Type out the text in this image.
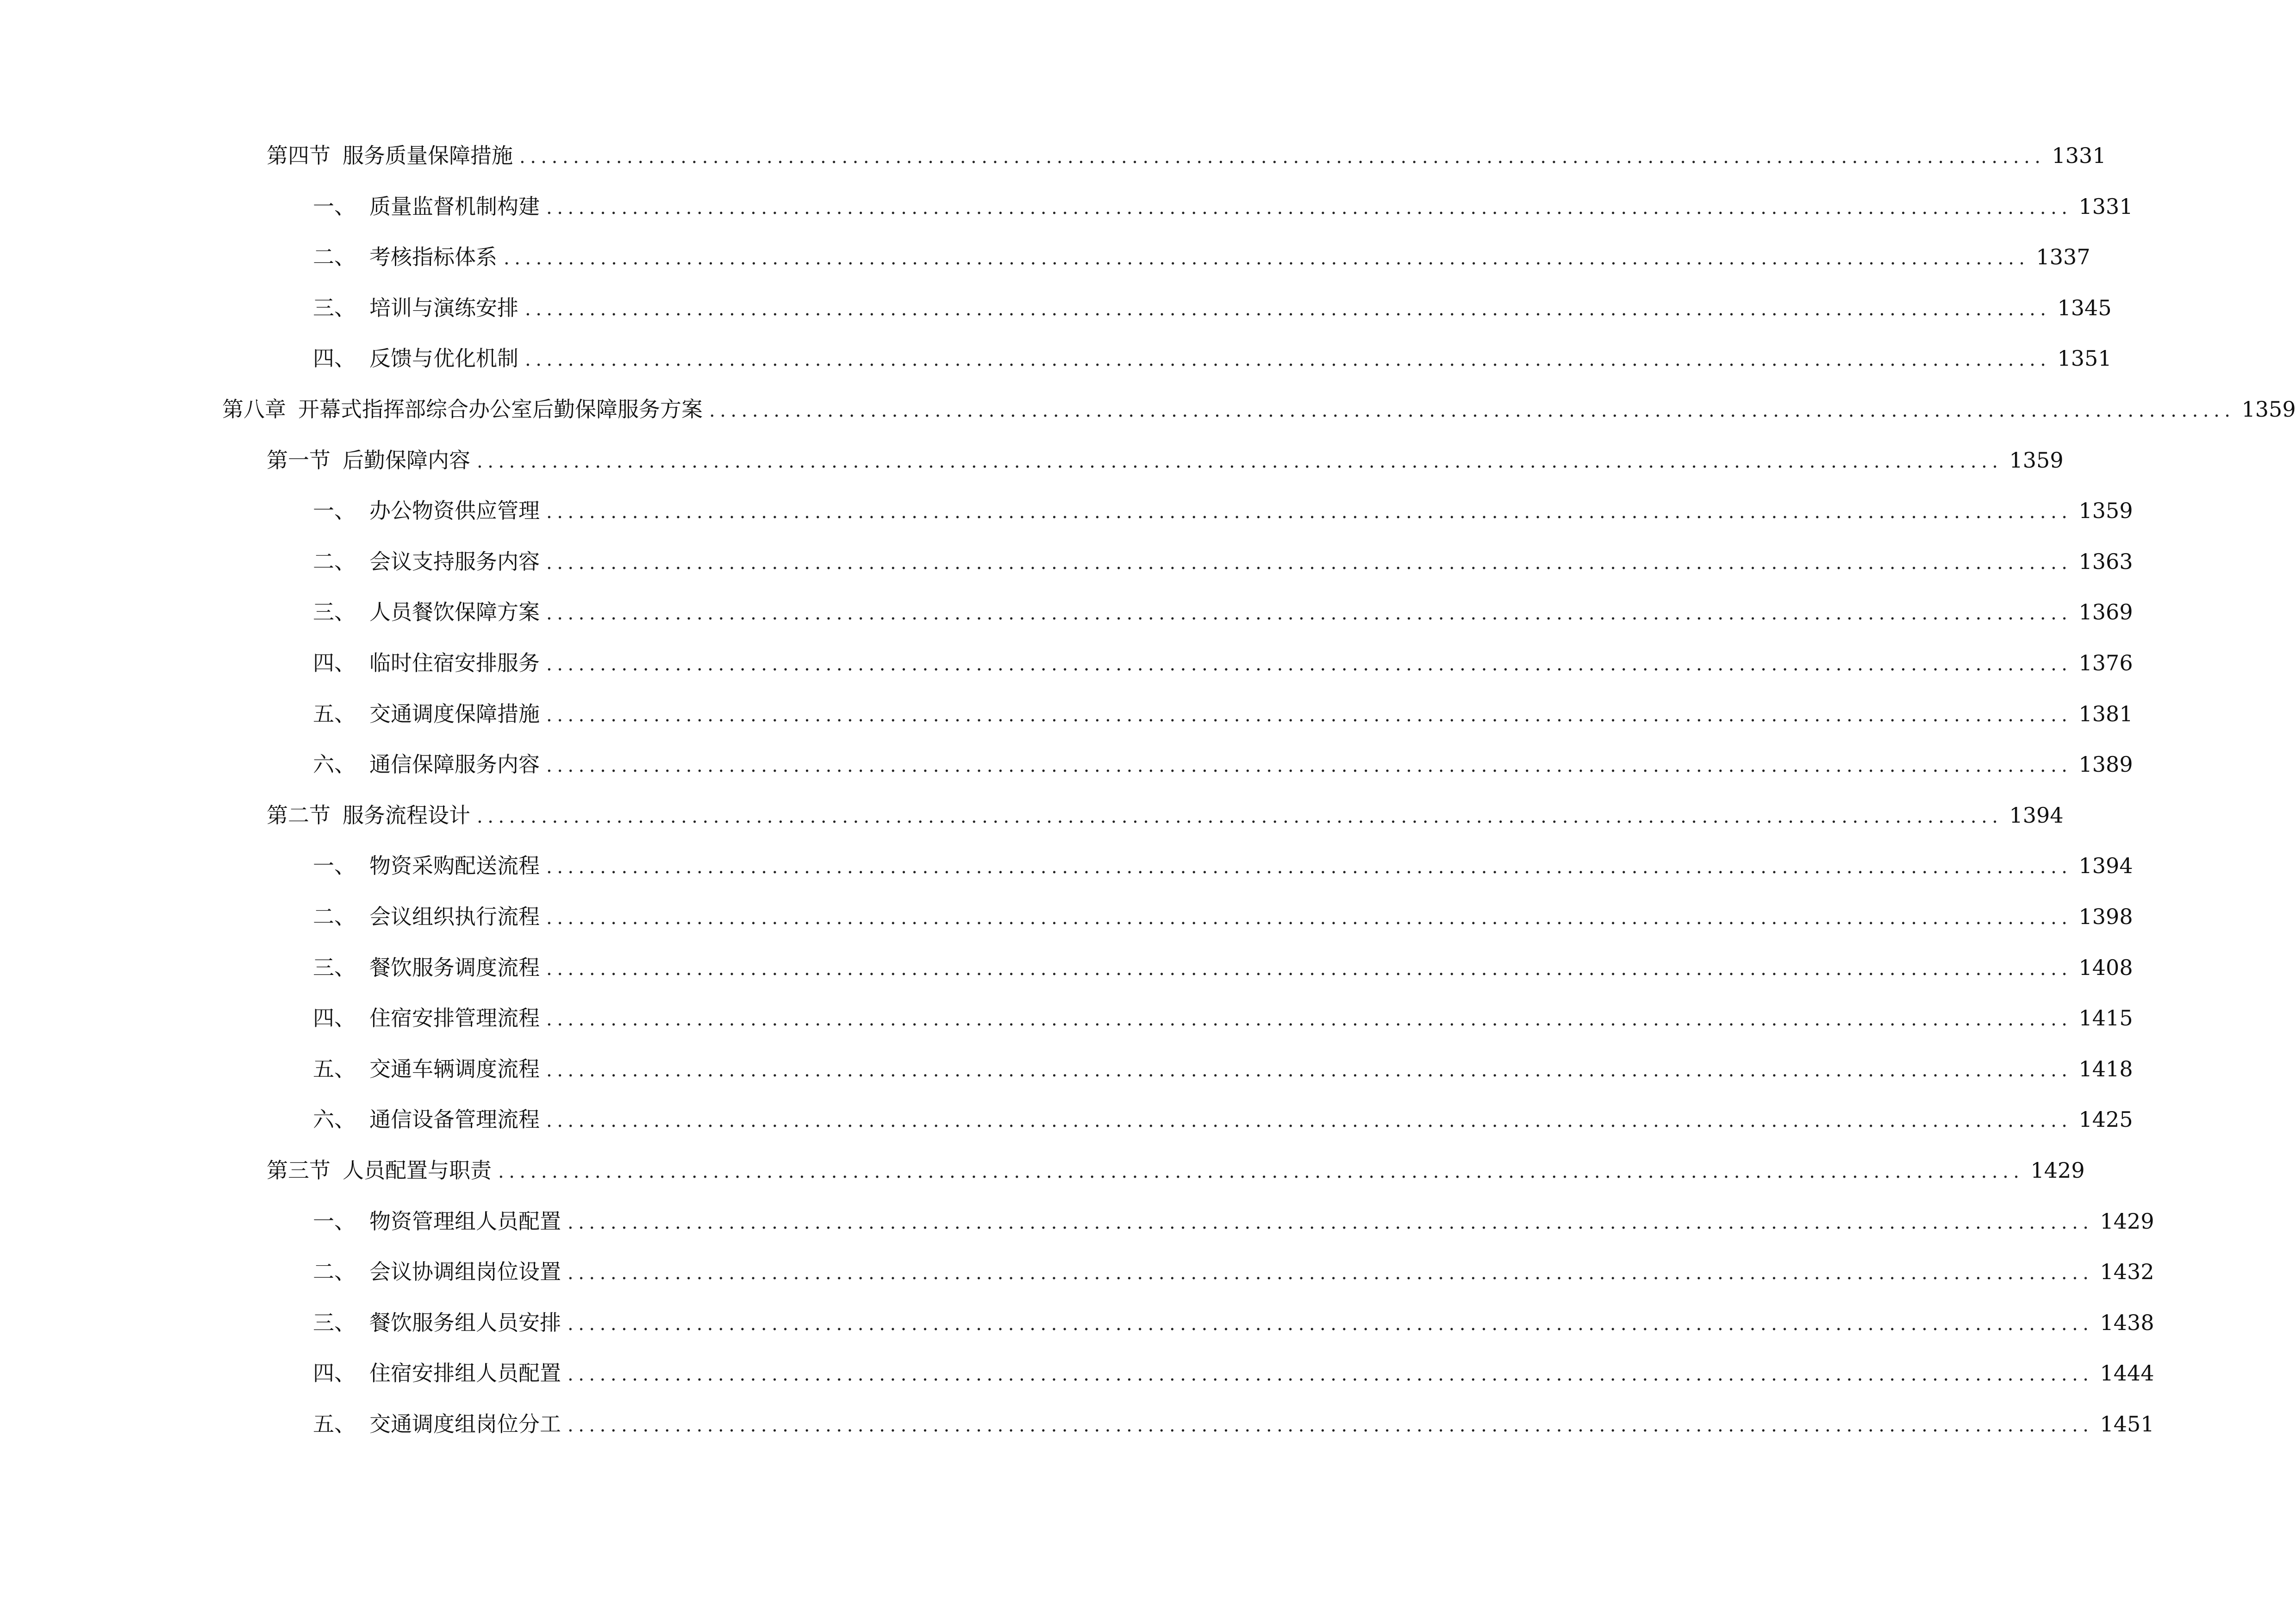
第四节 服务质量保障措施 .............................................................................................................................................. 1331
一、 质量监督机制构建 .............................................................................................................................................. 1331
二、 考核指标体系 .............................................................................................................................................. 1337
三、 培训与演练安排 .............................................................................................................................................. 1345
四、 反馈与优化机制 .............................................................................................................................................. 1351
第八章 开幕式指挥部综合办公室后勤保障服务方案 .............................................................................................................................................. 1359
第一节 后勤保障内容 .............................................................................................................................................. 1359
一、 办公物资供应管理 .............................................................................................................................................. 1359
二、 会议支持服务内容 .............................................................................................................................................. 1363
三、 人员餐饮保障方案 .............................................................................................................................................. 1369
四、 临时住宿安排服务 .............................................................................................................................................. 1376
五、 交通调度保障措施 .............................................................................................................................................. 1381
六、 通信保障服务内容 .............................................................................................................................................. 1389
第二节 服务流程设计 .............................................................................................................................................. 1394
一、 物资采购配送流程 .............................................................................................................................................. 1394
二、 会议组织执行流程 .............................................................................................................................................. 1398
三、 餐饮服务调度流程 .............................................................................................................................................. 1408
四、 住宿安排管理流程 .............................................................................................................................................. 1415
五、 交通车辆调度流程 .............................................................................................................................................. 1418
六、 通信设备管理流程 .............................................................................................................................................. 1425
第三节 人员配置与职责 .............................................................................................................................................. 1429
一、 物资管理组人员配置 .............................................................................................................................................. 1429
二、 会议协调组岗位设置 .............................................................................................................................................. 1432
三、 餐饮服务组人员安排 .............................................................................................................................................. 1438
四、 住宿安排组人员配置 .............................................................................................................................................. 1444
五、 交通调度组岗位分工 .............................................................................................................................................. 1451
